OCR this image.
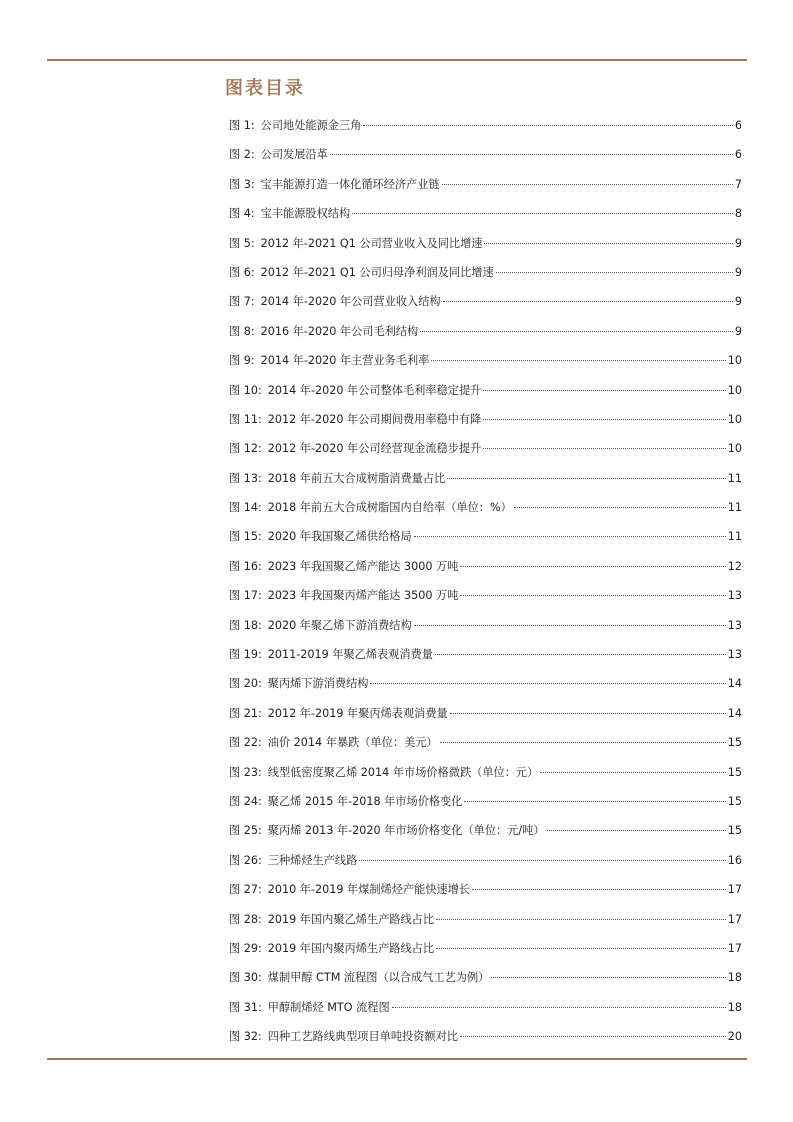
图表目录
图 1: 公司地处能源金三角	6
图 2: 公司发展沿革	6
图 3: 宝丰能源打造一体化循环经济产业链	7
图 4: 宝丰能源股权结构	8
图 5: 2012 年-2021 Q1 公司营业收入及同比增速	9
图 6: 2012 年-2021 Q1 公司归母净利润及同比增速	9
图 7: 2014 年-2020 年公司营业收入结构	9
图 8: 2016 年-2020 年公司毛利结构	9
图 9: 2014 年-2020 年主营业务毛利率	10
图 10: 2014 年-2020 年公司整体毛利率稳定提升	10
图 11: 2012 年-2020 年公司期间费用率稳中有降	10
图 12: 2012 年-2020 年公司经营现金流稳步提升	10
图 13: 2018 年前五大合成树脂消费量占比	11
图 14: 2018 年前五大合成树脂国内自给率（单位：%）	11
图 15: 2020 年我国聚乙烯供给格局	11
图 16: 2023 年我国聚乙烯产能达 3000 万吨	12
图 17: 2023 年我国聚丙烯产能达 3500 万吨	13
图 18: 2020 年聚乙烯下游消费结构	13
图 19: 2011-2019 年聚乙烯表观消费量	13
图 20: 聚丙烯下游消费结构	14
图 21: 2012 年-2019 年聚丙烯表观消费量	14
图 22: 油价 2014 年暴跌（单位：美元）	15
图 23: 线型低密度聚乙烯 2014 年市场价格微跌（单位：元）	15
图 24: 聚乙烯 2015 年-2018 年市场价格变化	15
图 25: 聚丙烯 2013 年-2020 年市场价格变化（单位：元/吨）	15
图 26: 三种烯烃生产线路	16
图 27: 2010 年-2019 年煤制烯烃产能快速增长	17
图 28: 2019 年国内聚乙烯生产路线占比	17
图 29: 2019 年国内聚丙烯生产路线占比	17
图 30: 煤制甲醇 CTM 流程图（以合成气工艺为例）	18
图 31: 甲醇制烯烃 MTO 流程图	18
图 32: 四种工艺路线典型项目单吨投资额对比	20
